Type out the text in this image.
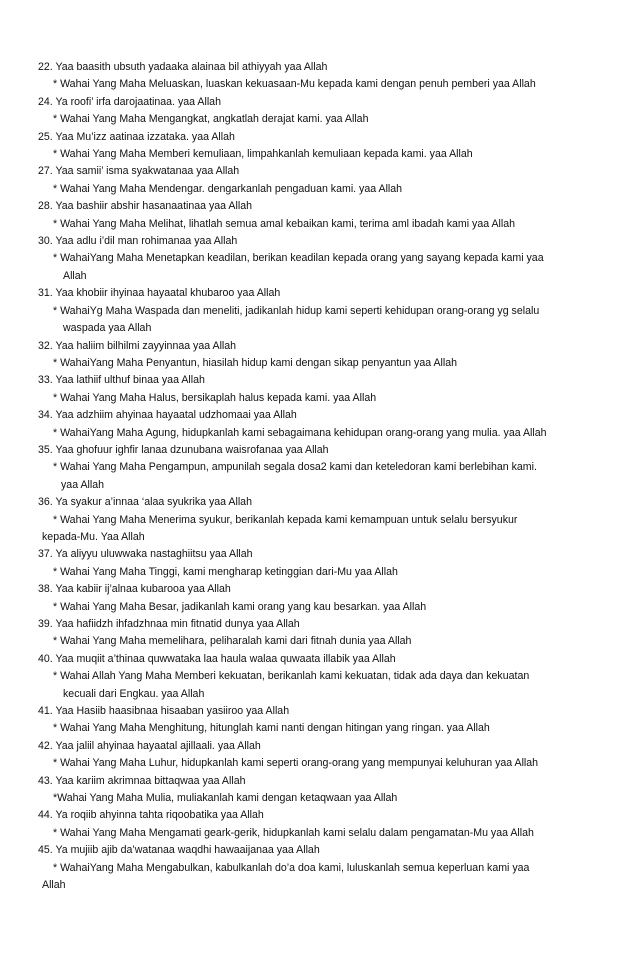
22. Yaa baasith ubsuth yadaaka alainaa bil athiyyah yaa Allah
* Wahai Yang Maha Meluaskan, luaskan kekuasaan-Mu kepada kami dengan penuh pemberi yaa Allah
24. Ya roofi’ irfa darojaatinaa. yaa Allah
* Wahai Yang Maha Mengangkat, angkatlah derajat kami. yaa Allah
25. Yaa Mu’izz aatinaa izzataka. yaa Allah
* Wahai Yang Maha Memberi kemuliaan, limpahkanlah kemuliaan kepada kami. yaa Allah
27. Yaa samii’ isma syakwatanaa yaa Allah
* Wahai Yang Maha Mendengar. dengarkanlah pengaduan kami. yaa Allah
28. Yaa bashiir abshir hasanaatinaa yaa Allah
* Wahai Yang Maha Melihat, lihatlah semua amal kebaikan kami, terima aml ibadah kami yaa Allah
30. Yaa adlu i’dil man rohimanaa yaa Allah
* WahaiYang Maha Menetapkan keadilan, berikan keadilan kepada orang yang sayang kepada kami yaa
Allah
31. Yaa khobiir ihyinaa hayaatal khubaroo yaa Allah
* WahaiYg Maha Waspada dan meneliti, jadikanlah hidup kami seperti kehidupan orang-orang yg selalu
waspada yaa Allah
32. Yaa haliim bilhilmi zayyinnaa yaa Allah
* WahaiYang Maha Penyantun, hiasilah hidup kami dengan sikap penyantun yaa Allah
33. Yaa lathiif ulthuf binaa yaa Allah
* Wahai Yang Maha Halus, bersikaplah halus kepada kami. yaa Allah
34. Yaa adzhiim ahyinaa hayaatal udzhomaai yaa Allah
* WahaiYang Maha Agung, hidupkanlah kami sebagaimana kehidupan orang-orang yang mulia. yaa Allah
35. Yaa ghofuur ighfir lanaa dzunubana waisrofanaa yaa Allah
* Wahai Yang Maha Pengampun, ampunilah segala dosa2 kami dan keteledoran kami berlebihan kami.
yaa Allah
36. Ya syakur a’innaa ‘alaa syukrika yaa Allah
* Wahai Yang Maha Menerima syukur, berikanlah kepada kami kemampuan untuk selalu bersyukur
kepada-Mu. Yaa Allah
37. Ya aliyyu uluwwaka nastaghiitsu yaa Allah
* Wahai Yang Maha Tinggi, kami mengharap ketinggian dari-Mu yaa Allah
38. Yaa kabiir ij’alnaa kubarooa yaa Allah
* Wahai Yang Maha Besar, jadikanlah kami orang yang kau besarkan. yaa Allah
39. Yaa hafiidzh ihfadzhnaa min fitnatid dunya yaa Allah
* Wahai Yang Maha memelihara, peliharalah kami dari fitnah dunia yaa Allah
40. Yaa muqiit a’thinaa quwwataka laa haula walaa quwaata illabik yaa Allah
* Wahai Allah Yang Maha Memberi kekuatan, berikanlah kami kekuatan, tidak ada daya dan kekuatan
kecuali dari Engkau. yaa Allah
41. Yaa Hasiib haasibnaa hisaaban yasiiroo yaa Allah
* Wahai Yang Maha Menghitung, hitunglah kami nanti dengan hitingan yang ringan. yaa Allah
42. Yaa jaliil ahyinaa hayaatal ajillaali. yaa Allah
* Wahai Yang Maha Luhur, hidupkanlah kami seperti orang-orang yang mempunyai keluhuran yaa Allah
43. Yaa kariim akrimnaa bittaqwaa yaa Allah
*Wahai Yang Maha Mulia, muliakanlah kami dengan ketaqwaan yaa Allah
44. Ya roqiib ahyinna tahta riqoobatika yaa Allah
* Wahai Yang Maha Mengamati geark-gerik, hidupkanlah kami selalu dalam pengamatan-Mu yaa Allah
45. Ya mujiib ajib da’watanaa waqdhi hawaaijanaa yaa Allah
* WahaiYang Maha Mengabulkan, kabulkanlah do’a doa kami, luluskanlah semua keperluan kami yaa
Allah
